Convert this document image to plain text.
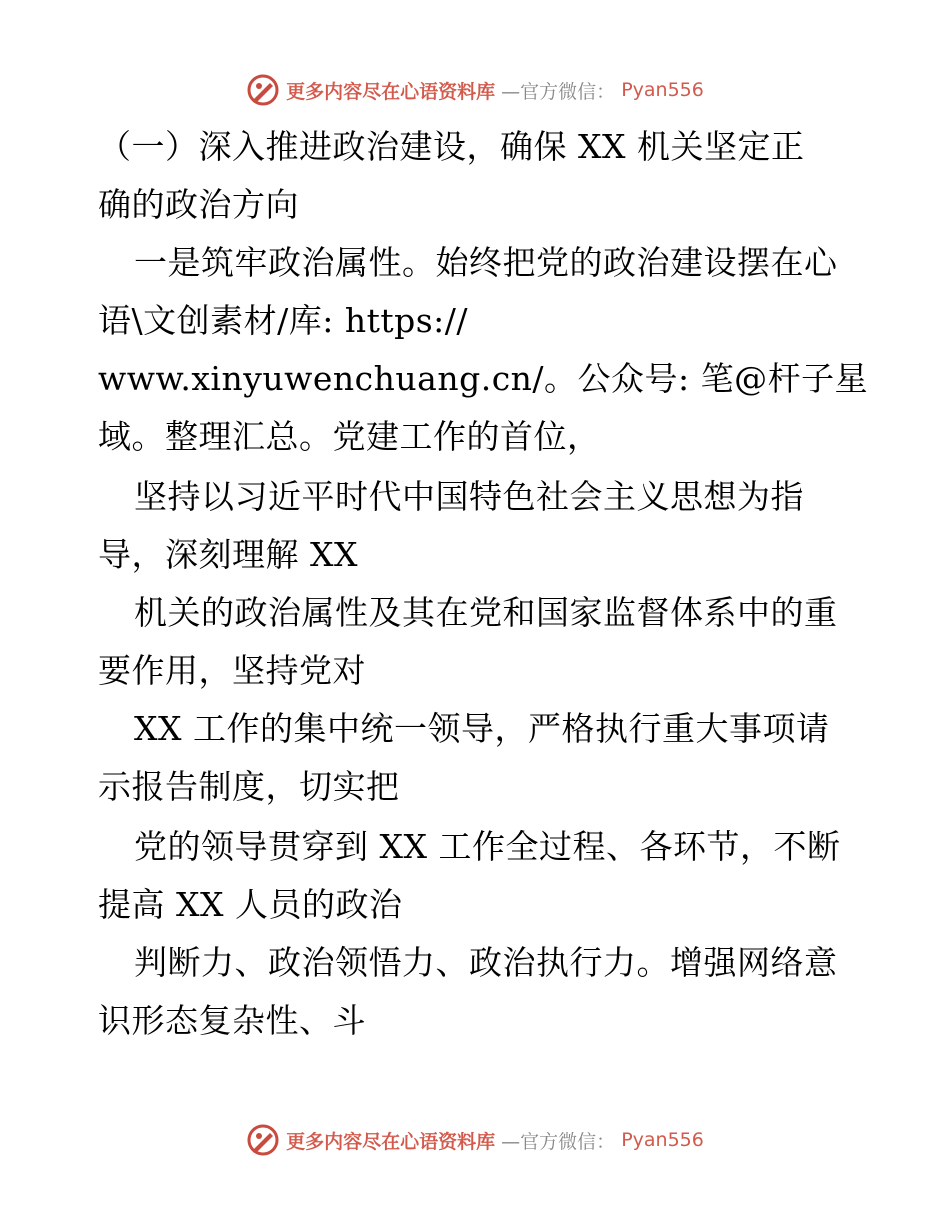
更多内容尽在心语资料库 —官方微信： Pyan556
（一）深入推进政治建设，确保 XX 机关坚定正
确的政治方向
一是筑牢政治属性。始终把党的政治建设摆在心
语\文创素材/库: https://
www.xinyuwenchuang.cn/。公众号: 笔@杆子星
域。整理汇总。党建工作的首位，
坚持以习近平时代中国特色社会主义思想为指
导，深刻理解 XX
机关的政治属性及其在党和国家监督体系中的重
要作用，坚持党对
XX 工作的集中统一领导，严格执行重大事项请
示报告制度，切实把
党的领导贯穿到 XX 工作全过程、各环节，不断
提高 XX 人员的政治
判断力、政治领悟力、政治执行力。增强网络意
识形态复杂性、斗
更多内容尽在心语资料库 —官方微信： Pyan556
